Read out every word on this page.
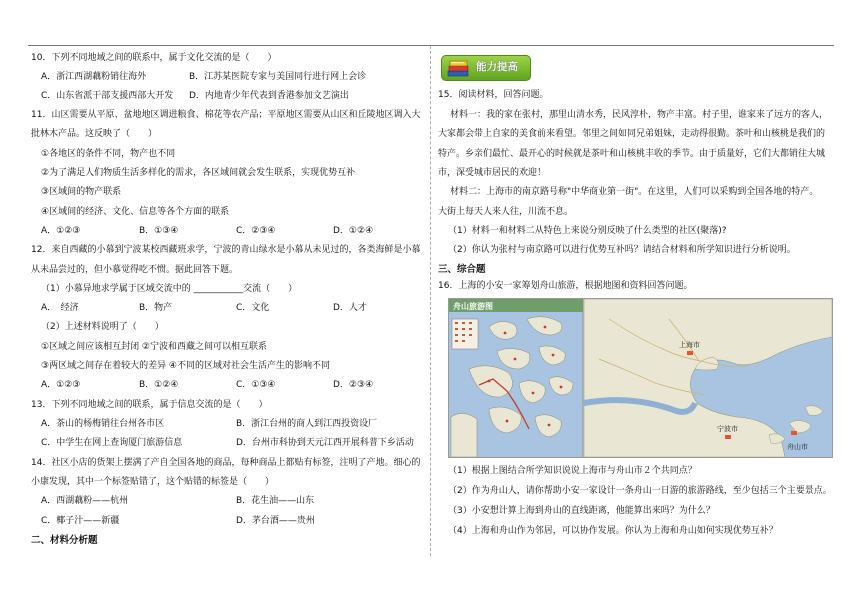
10．下列不同地域之间的联系中，属于文化交流的是（　　）
A．浙江西湖藕粉销往海外	B．江苏某医院专家与美国同行进行网上会诊
C．山东省派干部支援西部大开发 D．内地青少年代表到香港参加文艺演出
11．山区需要从平原、盆地地区调进粮食、棉花等农产品；平原地区需要从山区和丘陵地区调入大
批林木产品。这反映了（　　）
①各地区的条件不同，物产也不同
②为了满足人们物质生活多样化的需求，各区域间就会发生联系，实现优势互补
③区域间的物产联系
④区域间的经济、文化、信息等各个方面的联系
A．①②③	B．①③④	C．②③④	D．①②④
12．来自西藏的小慕到宁波某校西藏班求学，宁波的青山绿水是小慕从未见过的，各类海鲜是小慕
从未品尝过的，但小慕觉得吃不惯。据此回答下题。
（1）小慕异地求学属于区域交流中的 ___________交流（　　）
A．　经济	B．物产	C．文化	D．人才
（2）上述材料说明了（　　）
①区域之间应该相互封闭 ②宁波和西藏之间可以相互联系
③两区域之间存在着较大的差异 ④不同的区域对社会生活产生的影响不同
A．①②③	B．①②④	C．①③④	D．②③④
13．下列不同地域之间的联系，属于信息交流的是（　　）
A．茶山的杨梅销往台州各市区	B．浙江台州的商人到江西投资设厂
C．中学生在网上查询厦门旅游信息	D．台州市科协到天元江西开展科普下乡活动
14．社区小店的货架上摆满了产自全国各地的商品，每种商品上都贴有标签，注明了产地。细心的
小康发现，其中一个标签贴错了，这个贴错的标签是（　　）
A．西湖藕粉——杭州	B．花生油——山东
C．椰子汁——新疆	D．茅台酒——贵州
二、材料分析题
能力提高
15．阅读材料，回答问题。
材料一：我的家在张村，那里山清水秀，民风淳朴，物产丰富。村子里，谁家来了远方的客人，
大家都会带上自家的美食前来看望。邻里之间如同兄弟姐妹，走动得很勤。茶叶和山核桃是我们的
特产。乡亲们最忙、最开心的时候就是茶叶和山核桃丰收的季节。由于质量好，它们大都销往大城
市，深受城市居民的欢迎！
材料二：上海市的南京路号称"中华商业第一街"。在这里，人们可以采购到全国各地的特产。
大街上每天人来人往，川流不息。
（1）材料一和材料二从特色上来说分别反映了什么类型的社区(聚落)?
（2）你认为张村与南京路可以进行优势互补吗？请结合材料和所学知识进行分析说明。
三、综合题
16．上海的小安一家筹划舟山旅游，根据地图和资料回答问题。
舟山旅游图
上海市
宁波市
舟山市
（1）根据上图结合所学知识说说上海市与舟山市２个共同点？
（2）作为舟山人，请你帮助小安一家设计一条舟山一日游的旅游路线，至少包括三个主要景点。
（3）小安想计算上海到舟山的直线距离，他能算出来吗？为什么？
（4）上海和舟山作为邻居，可以协作发展。你认为上海和舟山如何实现优势互补？
